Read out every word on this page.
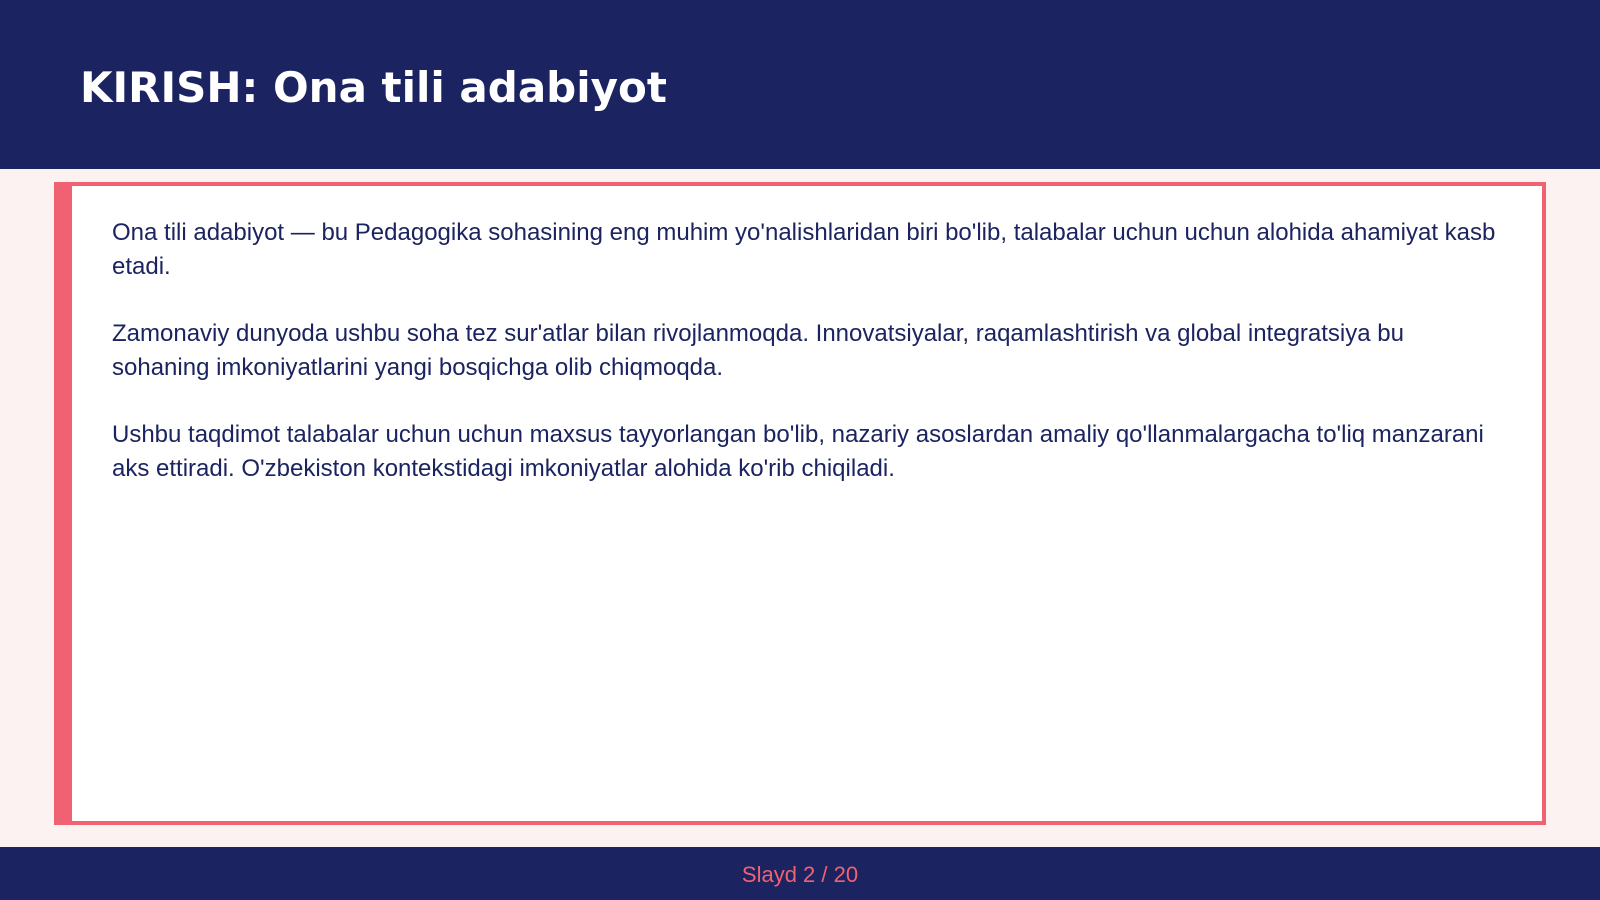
KIRISH: Ona tili adabiyot

Ona tili adabiyot — bu Pedagogika sohasining eng muhim yo'nalishlaridan biri bo'lib, talabalar uchun uchun alohida ahamiyat kasb etadi.

Zamonaviy dunyoda ushbu soha tez sur'atlar bilan rivojlanmoqda. Innovatsiyalar, raqamlashtirish va global integratsiya bu sohaning imkoniyatlarini yangi bosqichga olib chiqmoqda.

Ushbu taqdimot talabalar uchun uchun maxsus tayyorlangan bo'lib, nazariy asoslardan amaliy qo'llanmalargacha to'liq manzarani aks ettiradi. O'zbekiston kontekstidagi imkoniyatlar alohida ko'rib chiqiladi.

Slayd 2 / 20
